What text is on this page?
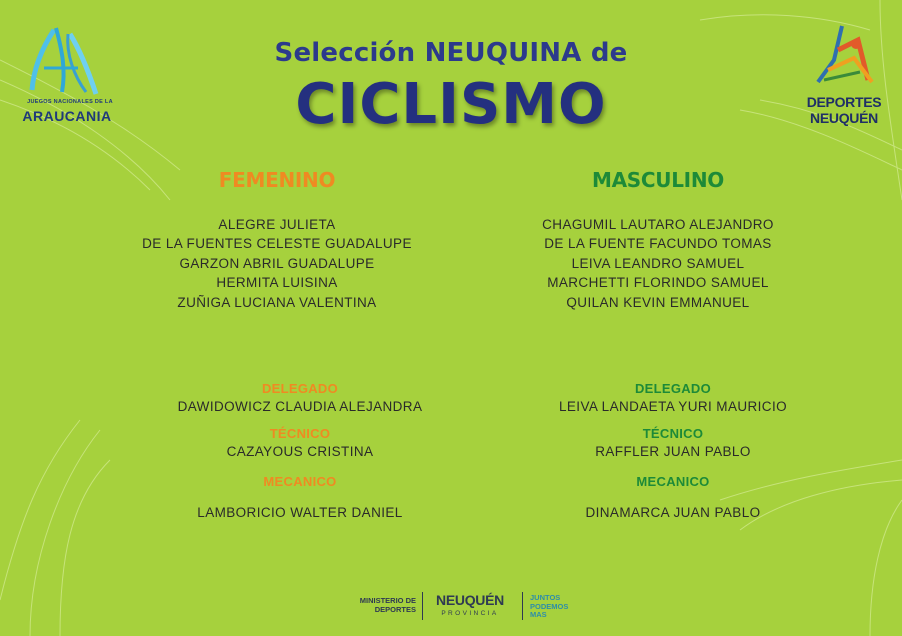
JUEGOS NACIONALES DE LA
ARAUCANIA
DEPORTES
NEUQUÉN
Selección NEUQUINA de
CICLISMO
FEMENINO
ALEGRE JULIETA
DE LA FUENTES CELESTE GUADALUPE
GARZON ABRIL GUADALUPE
HERMITA LUISINA
ZUÑIGA LUCIANA VALENTINA
MASCULINO
CHAGUMIL LAUTARO ALEJANDRO
DE LA FUENTE FACUNDO TOMAS
LEIVA LEANDRO SAMUEL
MARCHETTI FLORINDO SAMUEL
QUILAN KEVIN EMMANUEL
DELEGADO
DAWIDOWICZ CLAUDIA ALEJANDRA
TÉCNICO
CAZAYOUS CRISTINA
MECANICO
LAMBORICIO WALTER DANIEL
DELEGADO
LEIVA LANDAETA YURI MAURICIO
TÉCNICO
RAFFLER JUAN PABLO
MECANICO
DINAMARCA JUAN PABLO
MINISTERIO DE
DEPORTES
NEUQUÉN
PROVINCIA
JUNTOS
PODEMOS
MAS
